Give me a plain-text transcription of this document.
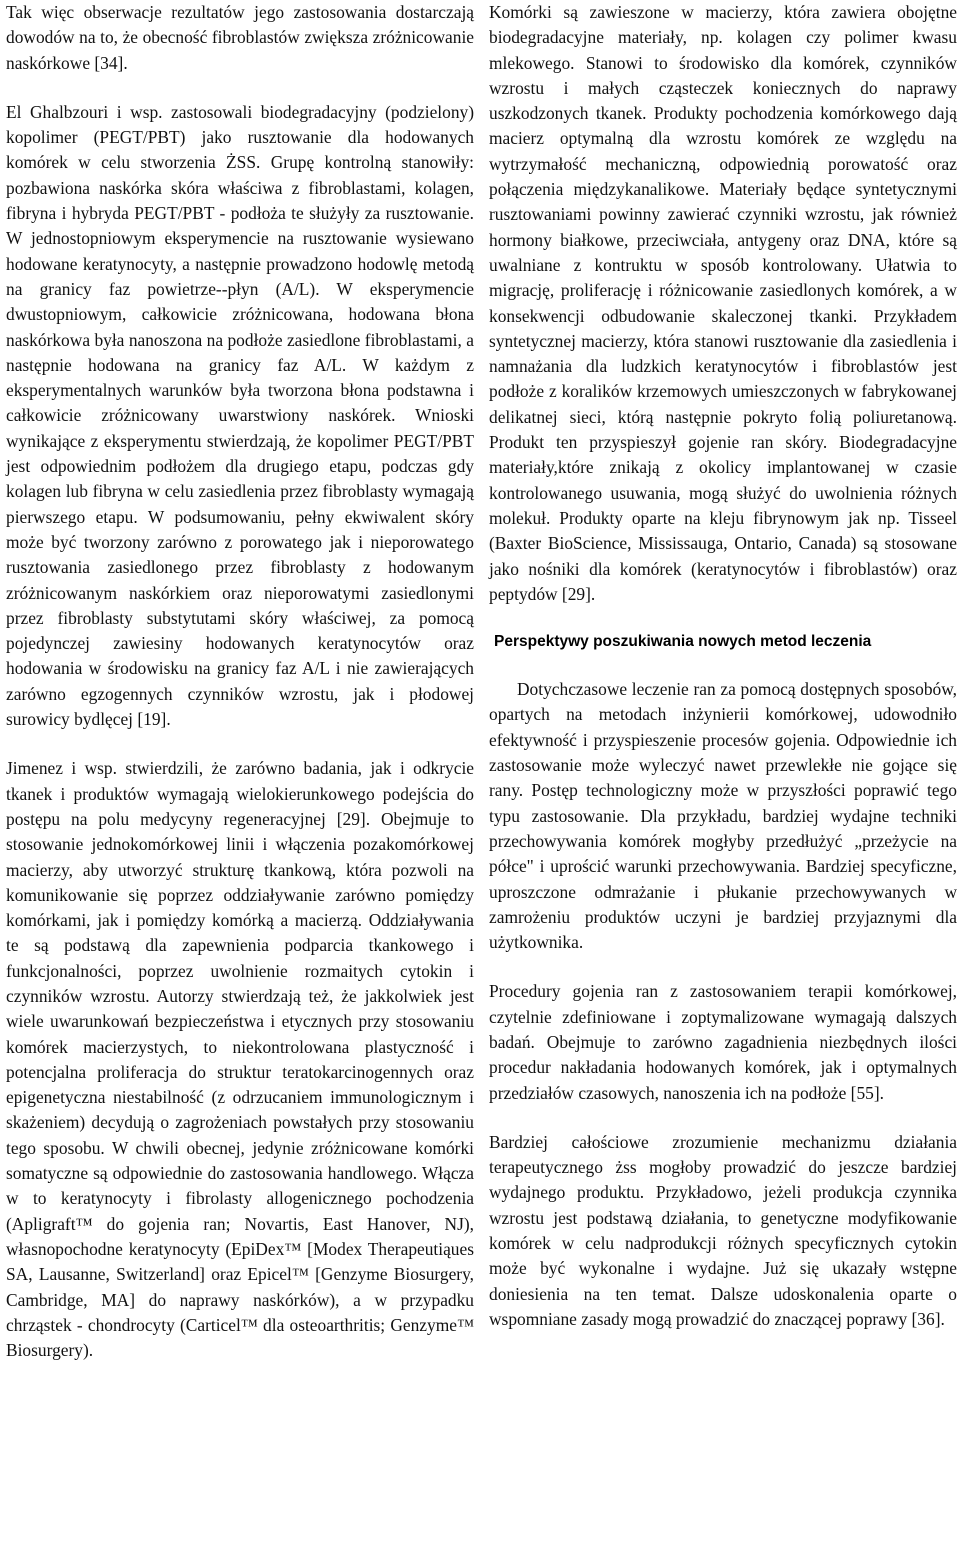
Tak więc obserwacje rezultatów jego zastosowania dostarczają dowodów na to, że obecność fibroblastów zwiększa zróżnicowanie naskórkowe [34].

El Ghalbzouri i wsp. zastosowali biodegradacyjny (podzielony) kopolimer (PEGT/PBT) jako rusztowanie dla hodowanych komórek w celu stworzenia ŻSS. Grupę kontrolną stanowiły: pozbawiona naskórka skóra właściwa z fibroblastami, kolagen, fibryna i hybryda PEGT/PBT - podłoża te służyły za rusztowanie. W jednostopniowym eksperymencie na rusztowanie wysiewano hodowane keratynocyty, a następnie prowadzono hodowlę metodą na granicy faz powietrze--płyn (A/L). W eksperymencie dwustopniowym, całkowicie zróżnicowana, hodowana błona naskórkowa była nanoszona na podłoże zasiedlone fibroblastami, a następnie hodowana na granicy faz A/L. W każdym z eksperymentalnych warunków była tworzona błona podstawna i całkowicie zróżnicowany uwarstwiony naskórek. Wnioski wynikające z eksperymentu stwierdzają, że kopolimer PEGT/PBT jest odpowiednim podłożem dla drugiego etapu, podczas gdy kolagen lub fibryna w celu zasiedlenia przez fibroblasty wymagają pierwszego etapu. W podsumowaniu, pełny ekwiwalent skóry może być tworzony zarówno z porowatego jak i nieporowatego rusztowania zasiedlonego przez fibroblasty z hodowanym zróżnicowanym naskórkiem oraz nieporowatymi zasiedlonymi przez fibroblasty substytutami skóry właściwej, za pomocą pojedynczej zawiesiny hodowanych keratynocytów oraz hodowania w środowisku na granicy faz A/L i nie zawierających zarówno egzogennych czynników wzrostu, jak i płodowej surowicy bydlęcej [19].

Jimenez i wsp. stwierdzili, że zarówno badania, jak i odkrycie tkanek i produktów wymagają wielokierunkowego podejścia do postępu na polu medycyny regeneracyjnej [29]. Obejmuje to stosowanie jednokomórkowej linii i włączenia pozakomórkowej macierzy, aby utworzyć strukturę tkankową, która pozwoli na komunikowanie się poprzez oddziaływanie zarówno pomiędzy komórkami, jak i pomiędzy komórką a macierzą. Oddziaływania te są podstawą dla zapewnienia podparcia tkankowego i funkcjonalności, poprzez uwolnienie rozmaitych cytokin i czynników wzrostu. Autorzy stwierdzają też, że jakkolwiek jest wiele uwarunkowań bezpieczeństwa i etycznych przy stosowaniu komórek macierzystych, to niekontrolowana plastyczność i potencjalna proliferacja do struktur teratokarcinogennych oraz epigenetyczna niestabilność (z odrzucaniem immunologicznym i skażeniem) decydują o zagrożeniach powstałych przy stosowaniu tego sposobu. W chwili obecnej, jedynie zróżnicowane komórki somatyczne są odpowiednie do zastosowania handlowego. Włącza w to keratynocyty i fibrolasty allogenicznego pochodzenia (Apligraft™ do gojenia ran; Novartis, East Hanover, NJ), własnopochodne keratynocyty (EpiDex™ [Modex Therapeutiąues SA, Lausanne, Switzerland] oraz Epicel™ [Genzyme Biosurgery, Cambridge, MA] do naprawy naskórków), a w przypadku chrząstek - chondrocyty (Carticel™ dla osteoarthritis; Genzyme™ Biosurgery).

Komórki są zawieszone w macierzy, która zawiera obojętne biodegradacyjne materiały, np. kolagen czy polimer kwasu mlekowego. Stanowi to środowisko dla komórek, czynników wzrostu i małych cząsteczek koniecznych do naprawy uszkodzonych tkanek. Produkty pochodzenia komórkowego dają macierz optymalną dla wzrostu komórek ze względu na wytrzymałość mechaniczną, odpowiednią porowatość oraz połączenia międzykanalikowe. Materiały będące syntetycznymi rusztowaniami powinny zawierać czynniki wzrostu, jak również hormony białkowe, przeciwciała, antygeny oraz DNA, które są uwalniane z kontruktu w sposób kontrolowany. Ułatwia to migrację, proliferację i różnicowanie zasiedlonych komórek, a w konsekwencji odbudowanie skaleczonej tkanki. Przykładem syntetycznej macierzy, która stanowi rusztowanie dla zasiedlenia i namnażania dla ludzkich keratynocytów i fibroblastów jest podłoże z koralików krzemowych umieszczonych w fabrykowanej delikatnej sieci, którą następnie pokryto folią poliuretanową. Produkt ten przyspieszył gojenie ran skóry. Biodegradacyjne materiały,które znikają z okolicy implantowanej w czasie kontrolowanego usuwania, mogą służyć do uwolnienia różnych molekuł. Produkty oparte na kleju fibrynowym jak np. Tisseel (Baxter BioScience, Mississauga, Ontario, Canada) są stosowane jako nośniki dla komórek (keratynocytów i fibroblastów) oraz peptydów [29].

Perspektywy poszukiwania nowych metod leczenia

Dotychczasowe leczenie ran za pomocą dostępnych sposobów, opartych na metodach inżynierii komórkowej, udowodniło efektywność i przyspieszenie procesów gojenia. Odpowiednie ich zastosowanie może wyleczyć nawet przewlekłe nie gojące się rany. Postęp technologiczny może w przyszłości poprawić tego typu zastosowanie. Dla przykładu, bardziej wydajne techniki przechowywania komórek mogłyby przedłużyć „przeżycie na półce" i uprościć warunki przechowywania. Bardziej specyficzne, uproszczone odmrażanie i płukanie przechowywanych w zamrożeniu produktów uczyni je bardziej przyjaznymi dla użytkownika.

Procedury gojenia ran z zastosowaniem terapii komórkowej, czytelnie zdefiniowane i zoptymalizowane wymagają dalszych badań. Obejmuje to zarówno zagadnienia niezbędnych ilości procedur nakładania hodowanych komórek, jak i optymalnych przedziałów czasowych, nanoszenia ich na podłoże [55].

Bardziej całościowe zrozumienie mechanizmu działania terapeutycznego żss mogłoby prowadzić do jeszcze bardziej wydajnego produktu. Przykładowo, jeżeli produkcja czynnika wzrostu jest podstawą działania, to genetyczne modyfikowanie komórek w celu nadprodukcji różnych specyficznych cytokin może być wykonalne i wydajne. Już się ukazały wstępne doniesienia na ten temat. Dalsze udoskonalenia oparte o wspomniane zasady mogą prowadzić do znaczącej poprawy [36].
